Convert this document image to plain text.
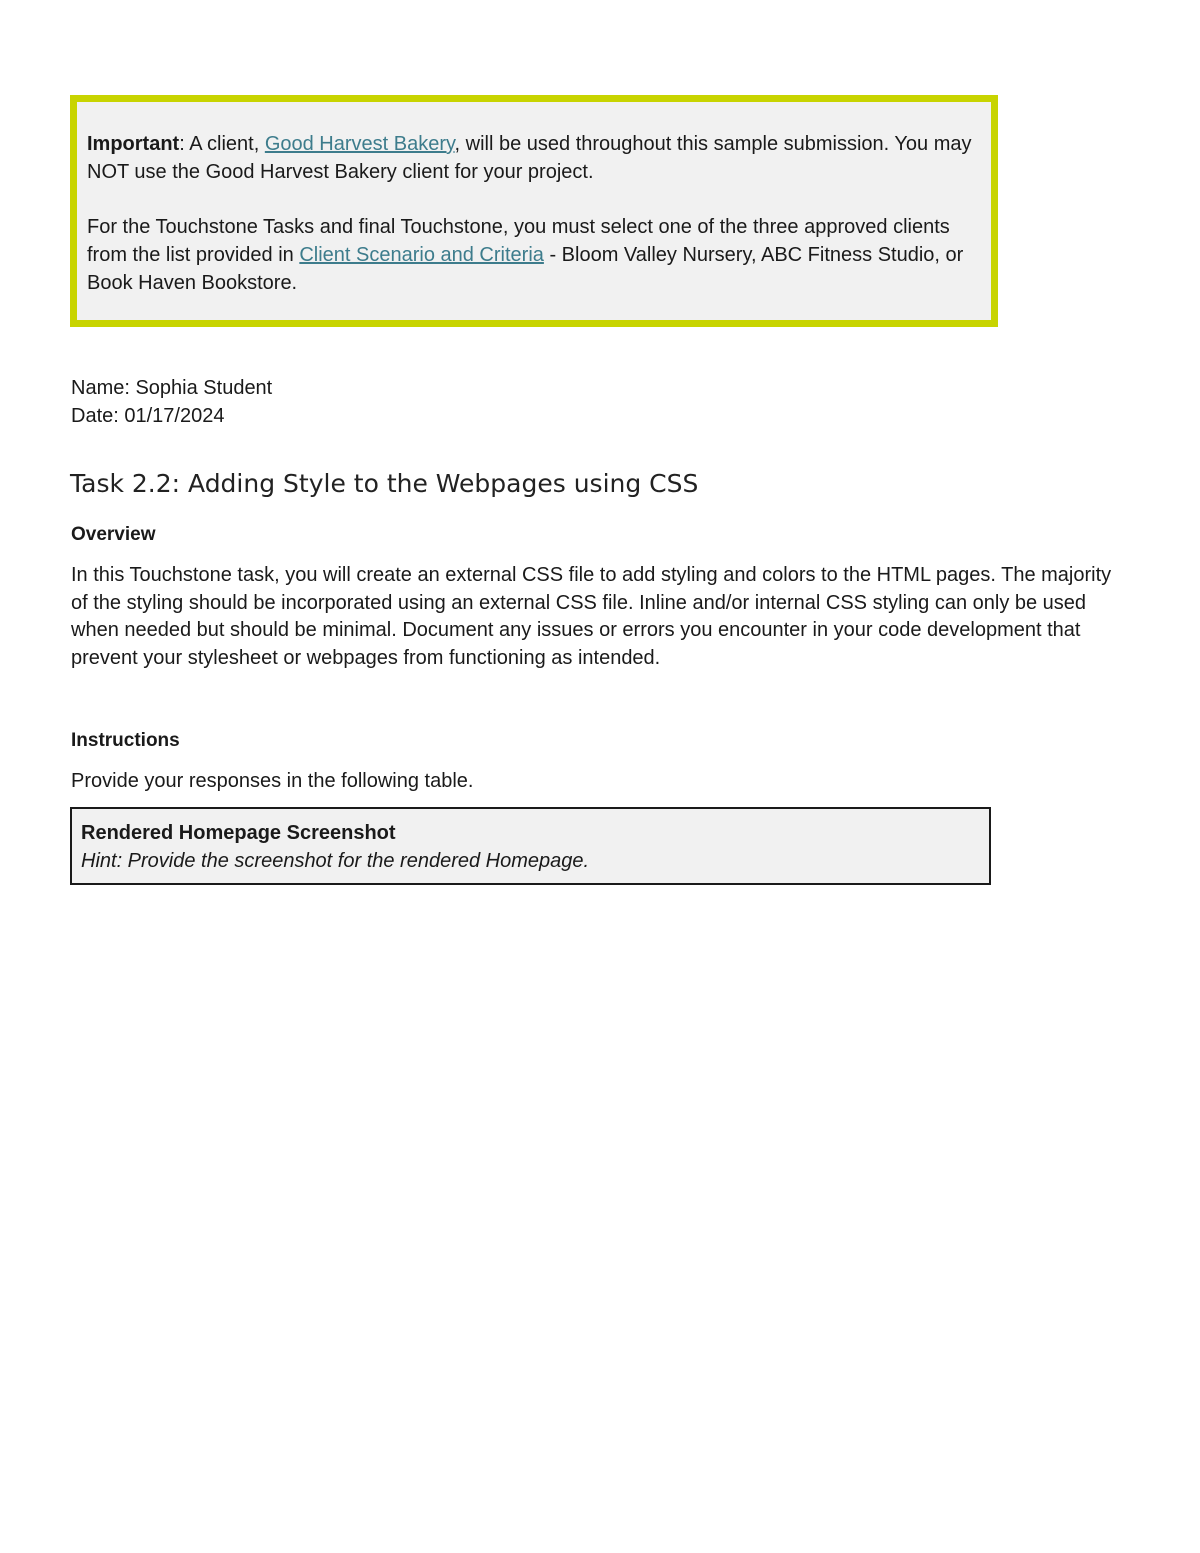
Important: A client, Good Harvest Bakery, will be used throughout this sample submission. You may NOT use the Good Harvest Bakery client for your project.

For the Touchstone Tasks and final Touchstone, you must select one of the three approved clients from the list provided in Client Scenario and Criteria - Bloom Valley Nursery, ABC Fitness Studio, or Book Haven Bookstore.

Name: Sophia Student
Date: 01/17/2024
Task 2.2: Adding Style to the Webpages using CSS
Overview

In this Touchstone task, you will create an external CSS file to add styling and colors to the HTML pages. The majority of the styling should be incorporated using an external CSS file. Inline and/or internal CSS styling can only be used when needed but should be minimal. Document any issues or errors you encounter in your code development that prevent your stylesheet or webpages from functioning as intended.

Instructions

Provide your responses in the following table.

Rendered Homepage Screenshot
Hint: Provide the screenshot for the rendered Homepage.
